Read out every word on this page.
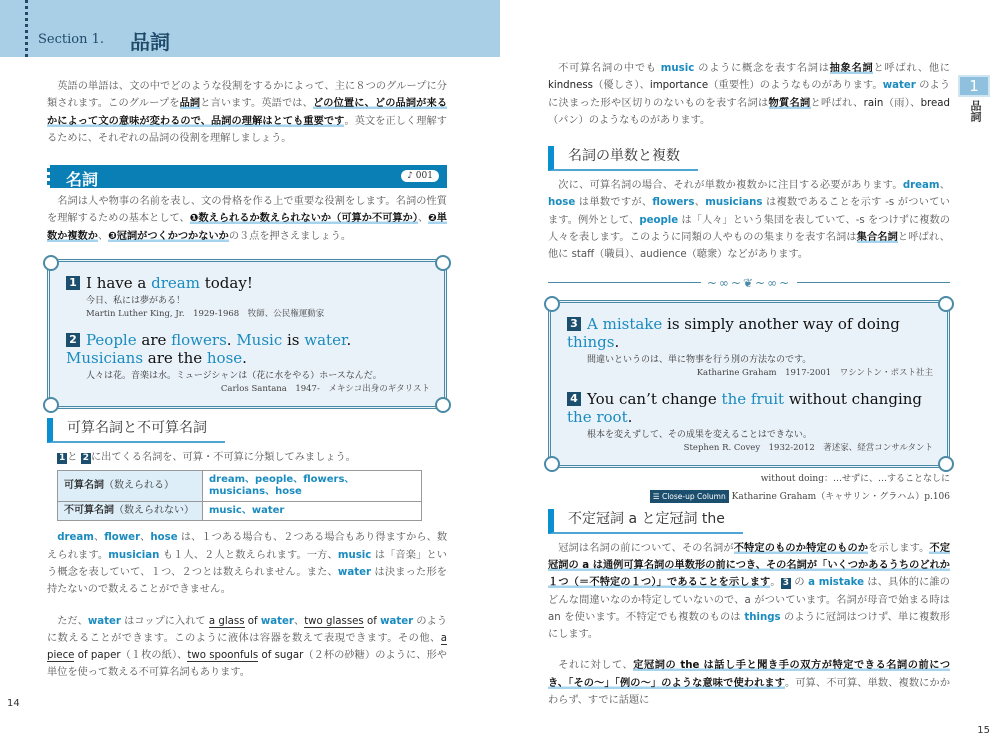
Section 1. 品詞

英語の単語は、文の中でどのような役割をするかによって、主に８つのグループに分類されます。このグループを品詞と言います。英語では、どの位置に、どの品詞が来るかによって文の意味が変わるので、品詞の理解はとても重要です。英文を正しく理解するために、それぞれの品詞の役割を理解しましょう。

名詞	♪ 001

名詞は人や物事の名前を表し、文の骨格を作る上で重要な役割をします。名詞の性質を理解するための基本として、❶数えられるか数えられないか（可算か不可算か）、❷単数か複数か、❸冠詞がつくかつかないかの３点を押さえましょう。

1 I have a dream today!
今日、私には夢がある！
Martin Luther King, Jr.　1929-1968　牧師、公民権運動家
2 People are flowers. Music is water. Musicians are the hose.
人々は花。音楽は水。ミュージシャンは（花に水をやる）ホースなんだ。
Carlos Santana　1947-　メキシコ出身のギタリスト
可算名詞と不可算名詞

1 と 2 に出てくる名詞を、可算・不可算に分類してみましょう。

可算名詞（数えられる）	dream、people、flowers、musicians、hose
不可算名詞（数えられない）	music、water

dream、flower、hose は、１つある場合も、２つある場合もあり得ますから、数えられます。musician も１人、２人と数えられます。一方、music は「音楽」という概念を表していて、１つ、２つとは数えられません。また、water は決まった形を持たないので数えることができません。

ただ、water はコップに入れて a glass of water、two glasses of water のように数えることができます。このように液体は容器を数えて表現できます。その他、a piece of paper（１枚の紙）、two spoonfuls of sugar（２杯の砂糖）のように、形や単位を使って数える不可算名詞もあります。

14
1
品詞

不可算名詞の中でも music のように概念を表す名詞は抽象名詞と呼ばれ、他に kindness（優しさ）、importance（重要性）のようなものがあります。water のように決まった形や区切りのないものを表す名詞は物質名詞と呼ばれ、rain（雨）、bread（パン）のようなものがあります。

名詞の単数と複数

次に、可算名詞の場合、それが単数か複数かに注目する必要があります。dream、hose は単数ですが、flowers、musicians は複数であることを示す -s がついています。例外として、people は「人々」という集団を表していて、-s をつけずに複数の人々を表します。このように同類の人やものの集まりを表す名詞は集合名詞と呼ばれ、他に staff（職員）、audience（聴衆）などがあります。

~∞~❦~∞~
3 A mistake is simply another way of doing things.
間違いというのは、単に物事を行う別の方法なのです。
Katharine Graham　1917-2001　ワシントン・ポスト社主
4 You can’t change the fruit without changing the root.
根本を変えずして、その成果を変えることはできない。
Stephen R. Covey　1932-2012　著述家、経営コンサルタント
without doing：…せずに、…することなしに
☰ Close-up Column Katharine Graham（キャサリン・グラハム）p.106
不定冠詞 a と定冠詞 the

冠詞は名詞の前について、その名詞が不特定のものか特定のものかを示します。不定冠詞の a は通例可算名詞の単数形の前につき、その名詞が「いくつかあるうちのどれか１つ（＝不特定の１つ）」であることを示します。 3 の a mistake は、具体的に誰のどんな間違いなのか特定していないので、a がついています。名詞が母音で始まる時は an を使います。不特定でも複数のものは things のように冠詞はつけず、単に複数形にします。

それに対して、定冠詞の the は話し手と聞き手の双方が特定できる名詞の前につき、「その～」「例の～」のような意味で使われます。可算、不可算、単数、複数にかかわらず、すでに話題に

15
